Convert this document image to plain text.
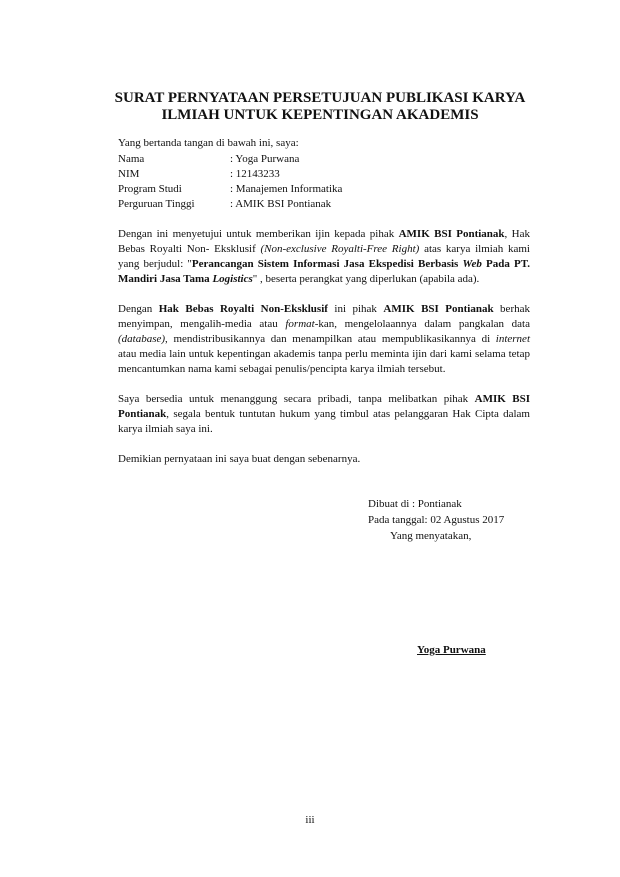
SURAT PERNYATAAN PERSETUJUAN PUBLIKASI KARYA
ILMIAH UNTUK KEPENTINGAN AKADEMIS
Yang bertanda tangan di bawah ini, saya:
Nama	: Yoga Purwana
NIM	: 12143233
Program Studi	: Manajemen Informatika
Perguruan Tinggi	: AMIK BSI Pontianak

Dengan ini menyetujui untuk memberikan ijin kepada pihak AMIK BSI Pontianak, Hak Bebas Royalti Non- Eksklusif (Non-exclusive Royalti-Free Right) atas karya ilmiah kami yang berjudul: "Perancangan Sistem Informasi Jasa Ekspedisi Berbasis Web Pada PT. Mandiri Jasa Tama Logistics" , beserta perangkat yang diperlukan (apabila ada).

Dengan Hak Bebas Royalti Non-Eksklusif ini pihak AMIK BSI Pontianak berhak menyimpan, mengalih-media atau format-kan, mengelolaannya dalam pangkalan data (database), mendistribusikannya dan menampilkan atau mempublikasikannya di internet atau media lain untuk kepentingan akademis tanpa perlu meminta ijin dari kami selama tetap mencantumkan nama kami sebagai penulis/pencipta karya ilmiah tersebut.

Saya bersedia untuk menanggung secara pribadi, tanpa melibatkan pihak AMIK BSI Pontianak, segala bentuk tuntutan hukum yang timbul atas pelanggaran Hak Cipta dalam karya ilmiah saya ini.

Demikian pernyataan ini saya buat dengan sebenarnya.

Dibuat di : Pontianak
Pada tanggal: 02 Agustus 2017
Yang menyatakan,
Yoga Purwana
iii
